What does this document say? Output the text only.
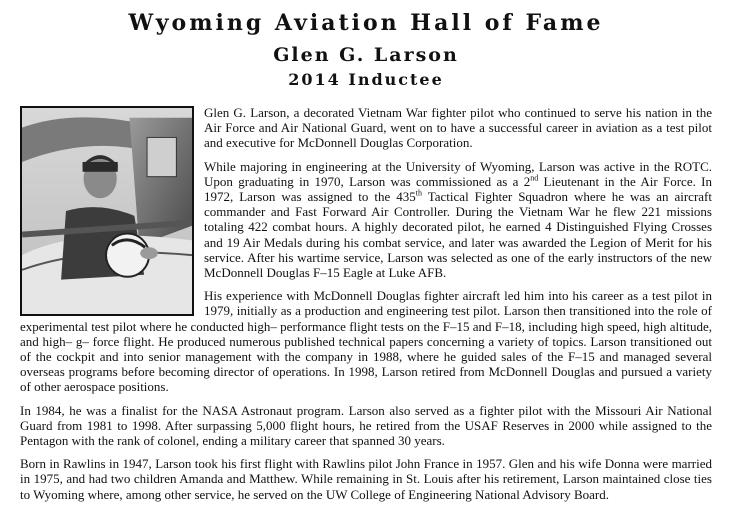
Wyoming Aviation Hall of Fame
Glen G. Larson
2014 Inductee

Glen G. Larson, a decorated Vietnam War fighter pilot who continued to serve his nation in the Air Force and Air National Guard, went on to have a successful career in aviation as a test pilot and executive for McDonnell Douglas Corporation.

While majoring in engineering at the University of Wyoming, Larson was active in the ROTC. Upon graduating in 1970, Larson was commissioned as a 2nd Lieutenant in the Air Force. In 1972, Larson was assigned to the 435th Tactical Fighter Squadron where he was an aircraft commander and Fast Forward Air Controller. During the Vietnam War he flew 221 missions totaling 422 combat hours. A highly decorated pilot, he earned 4 Distinguished Flying Crosses and 19 Air Medals during his combat service, and later was awarded the Legion of Merit for his service. After his wartime service, Larson was selected as one of the early instructors of the new McDonnell Douglas F–15 Eagle at Luke AFB.

His experience with McDonnell Douglas fighter aircraft led him into his career as a test pilot in 1979, initially as a production and engineering test pilot. Larson then transitioned into the role of experimental test pilot where he conducted high– performance flight tests on the F–15 and F–18, including high speed, high altitude, and high– g– force flight. He produced numerous published technical papers concerning a variety of topics. Larson transitioned out of the cockpit and into senior management with the company in 1988, where he guided sales of the F–15 and managed several overseas programs before becoming director of operations. In 1998, Larson retired from McDonnell Douglas and pursued a variety of other aerospace positions.

In 1984, he was a finalist for the NASA Astronaut program. Larson also served as a fighter pilot with the Missouri Air National Guard from 1981 to 1998. After surpassing 5,000 flight hours, he retired from the USAF Reserves in 2000 while assigned to the Pentagon with the rank of colonel, ending a military career that spanned 30 years.

Born in Rawlins in 1947, Larson took his first flight with Rawlins pilot John France in 1957. Glen and his wife Donna were married in 1975, and had two children Amanda and Matthew. While remaining in St. Louis after his retirement, Larson maintained close ties to Wyoming where, among other service, he served on the UW College of Engineering National Advisory Board.
